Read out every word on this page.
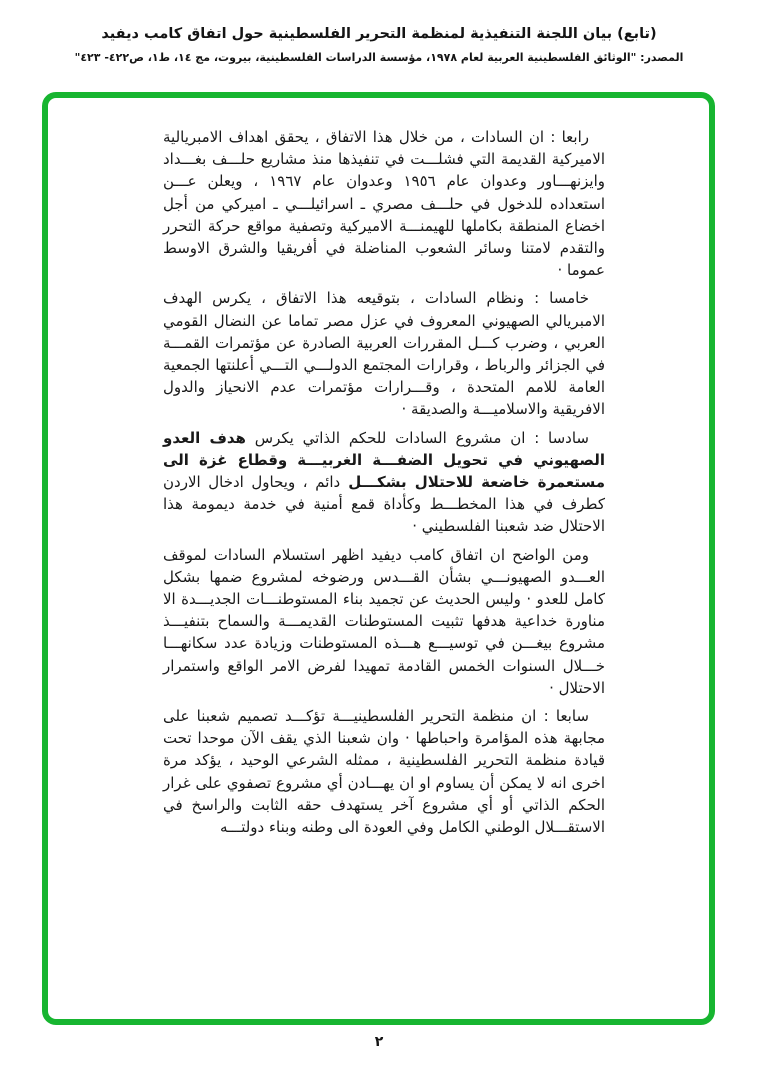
(تابع) بيان اللجنة التنفيذية لمنظمة التحرير الفلسطينية حول اتفاق كامب ديفيد
المصدر: "الوثائق الفلسطينية العربية لعام ١٩٧٨، مؤسسة الدراسات الفلسطينية، بيروت، مج ١٤، ط١، ص٤٢٢- ٤٢٣"

رابعا : ان السادات ، من خلال هذا الاتفاق ، يحقق اهداف الامبريالية الاميركية القديمة التي فشلـــت في تنفيذها منذ مشاريع حلـــف بغـــداد وايزنهـــاور وعدوان عام ١٩٥٦ وعدوان عام ١٩٦٧ ، ويعلن عـــن استعداده للدخول في حلـــف مصري ـ اسرائيلـــي ـ اميركي من أجل اخضاع المنطقة بكاملها للهيمنـــة الاميركية وتصفية مواقع حركة التحرر والتقدم لامتنا وسائر الشعوب المناضلة في أفريقيا والشرق الاوسط عموما ·

خامسا : ونظام السادات ، بتوقيعه هذا الاتفاق ، يكرس الهدف الامبريالي الصهيوني المعروف في عزل مصر تماما عن النضال القومي العربي ، وضرب كـــل المقررات العربية الصادرة عن مؤتمرات القمـــة في الجزائر والرباط ، وقرارات المجتمع الدولـــي التـــي أعلنتها الجمعية العامة للامم المتحدة ، وقـــرارات مؤتمرات عدم الانحياز والدول الافريقية والاسلاميـــة والصديقة ·

سادسا : ان مشروع السادات للحكم الذاتي يكرس هدف العدو الصهيوني في تحويل الضفـــة الغربيـــة وقطاع غزة الى مستعمرة خاضعة للاحتلال بشكـــل دائم ، ويحاول ادخال الاردن كطرف في هذا المخطـــط وكأداة قمع أمنية في خدمة ديمومة هذا الاحتلال ضد شعبنا الفلسطيني ·

ومن الواضح ان اتفاق كامب ديفيد اظهر استسلام السادات لموقف العـــدو الصهيونـــي بشأن القـــدس ورضوخه لمشروع ضمها بشكل كامل للعدو · وليس الحديث عن تجميد بناء المستوطنـــات الجديـــدة الا مناورة خداعية هدفها تثبيت المستوطنات القديمـــة والسماح بتنفيـــذ مشروع بيغـــن في توسيـــع هـــذه المستوطنات وزيادة عدد سكانهـــا خـــلال السنوات الخمس القادمة تمهيدا لفرض الامر الواقع واستمرار الاحتلال ·

سابعا : ان منظمة التحرير الفلسطينيـــة تؤكـــد تصميم شعبنا على مجابهة هذه المؤامرة واحباطها · وان شعبنا الذي يقف الآن موحدا تحت قيادة منظمة التحرير الفلسطينية ، ممثله الشرعي الوحيد ، يؤكد مرة اخرى انه لا يمكن أن يساوم او ان يهـــادن أي مشروع تصفوي على غرار الحكم الذاتي أو أي مشروع آخر يستهدف حقه الثابت والراسخ في الاستقـــلال الوطني الكامل وفي العودة الى وطنه وبناء دولتـــه

٢
